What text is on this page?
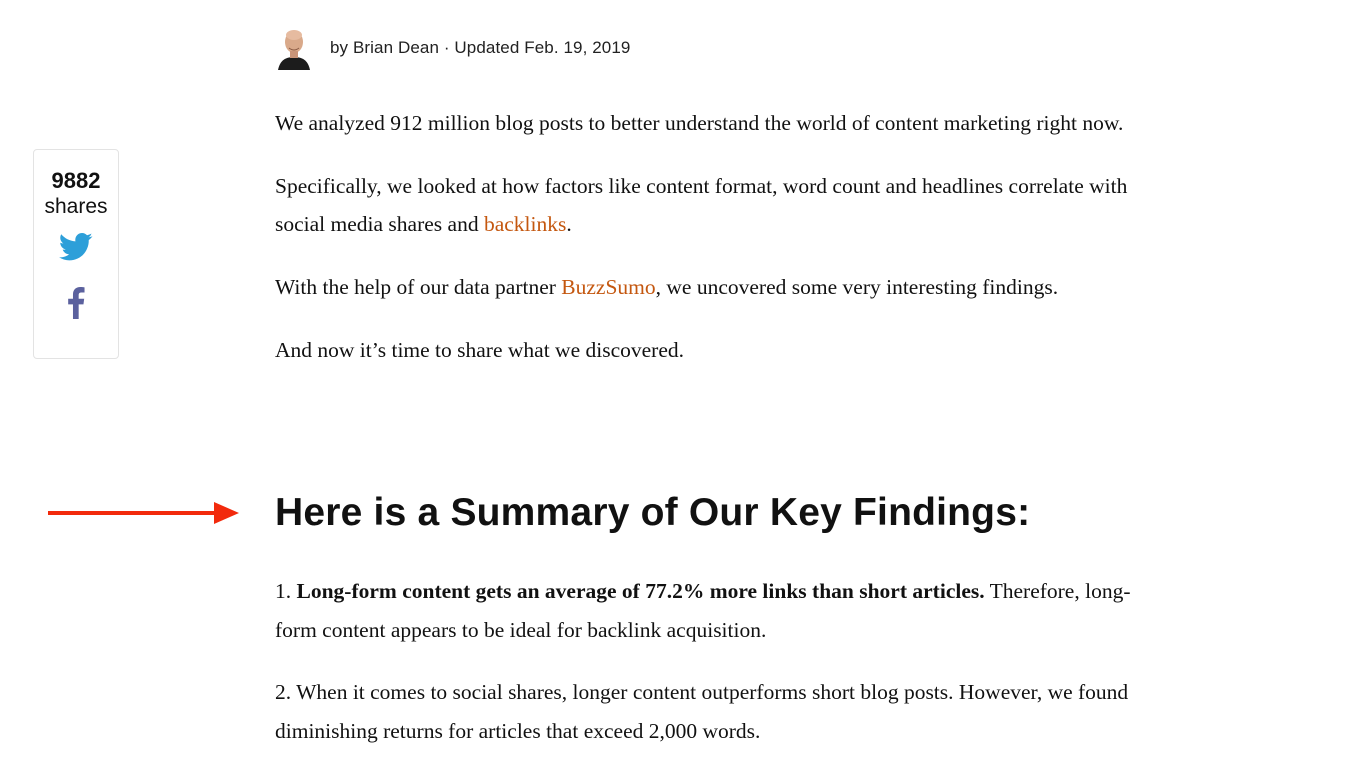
by Brian Dean · Updated Feb. 19, 2019
9882
shares

We analyzed 912 million blog posts to better understand the world of content marketing right now.

Specifically, we looked at how factors like content format, word count and headlines correlate with social media shares and backlinks.

With the help of our data partner BuzzSumo, we uncovered some very interesting findings.

And now it’s time to share what we discovered.

Here is a Summary of Our Key Findings:

1. Long-form content gets an average of 77.2% more links than short articles. Therefore, long-form content appears to be ideal for backlink acquisition.

2. When it comes to social shares, longer content outperforms short blog posts. However, we found diminishing returns for articles that exceed 2,000 words.
